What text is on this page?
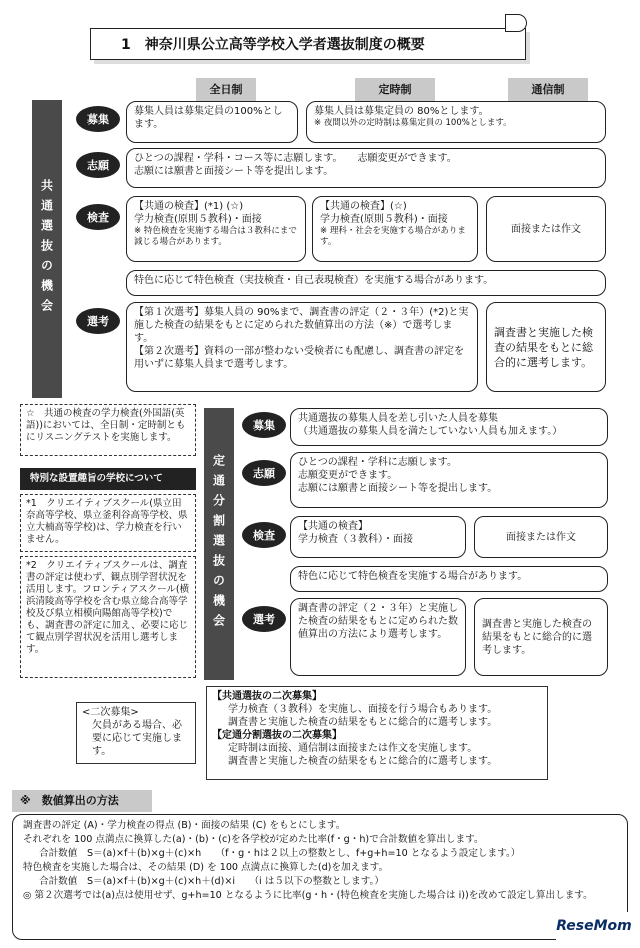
1　神奈川県公立高等学校入学者選抜制度の概要
全日制	定時制	通信制
共通選抜の機会
募集
募集人員は募集定員の100%とします。
募集人員は募集定員の 80%とします。
※ 夜間以外の定時制は募集定員の 100%とします。
志願
ひとつの課程・学科・コース等に志願します。　　志願変更ができます。
志願には願書と面接シート等を提出します。
検査
【共通の検査】(*1) (☆)
学力検査(原則５教科)・面接
※ 特色検査を実施する場合は３教科にまで減じる場合があります。
【共通の検査】(☆)
学力検査(原則５教科)・面接
※ 理科・社会を実施する場合があります。
面接または作文
特色に応じて特色検査（実技検査・自己表現検査）を実施する場合があります。
選考
【第１次選考】募集人員の 90%まで、調査書の評定（２・３年）(*2)と実施した検査の結果をもとに定められた数値算出の方法（※）で選考します。
【第２次選考】資料の一部が整わない受検者にも配慮し、調査書の評定を用いずに募集人員まで選考します。
調査書と実施した検査の結果をもとに総合的に選考します。
☆　共通の検査の学力検査(外国語(英語))においては、全日制・定時制ともにリスニングテストを実施します。
特別な設置趣旨の学校について
*1　クリエイティブスクール(県立田奈高等学校、県立釜利谷高等学校、県立大楠高等学校)は、学力検査を行いません。
*2　クリエイティブスクールは、調査書の評定は使わず、観点別学習状況を活用します。フロンティアスクール(横浜清陵高等学校を含む県立総合高等学校及び県立相模向陽館高等学校)でも、調査書の評定に加え、必要に応じて観点別学習状況を活用し選考します。
<二次募集>
欠員がある場合、必要に応じて実施します。
定通分割選抜の機会
募集
共通選抜の募集人員を差し引いた人員を募集
（共通選抜の募集人員を満たしていない人員も加えます。）
志願
ひとつの課程・学科に志願します。
志願変更ができます。
志願には願書と面接シート等を提出します。
検査
【共通の検査】
学力検査（３教科）・面接	面接または作文
特色に応じて特色検査を実施する場合があります。
選考
調査書の評定（２・３年）と実施した検査の結果をもとに定められた数値算出の方法により選考します。
調査書と実施した検査の結果をもとに総合的に選考します。
【共通選抜の二次募集】
学力検査（３教科）を実施し、面接を行う場合もあります。
調査書と実施した検査の結果をもとに総合的に選考します。
【定通分割選抜の二次募集】
定時制は面接、通信制は面接または作文を実施します。
調査書と実施した検査の結果をもとに総合的に選考します。
※　数値算出の方法
調査書の評定 (A)・学力検査の得点 (B)・面接の結果 (C) をもとにします。
それぞれを 100 点満点に換算した(a)・(b)・(c)を各学校が定めた比率(f・g・h)で合計数値を算出します。
合計数値　S＝(a)×f＋(b)×g＋(c)×h　　（f・g・hは２以上の整数とし、f+g+h=10 となるよう設定します。）
特色検査を実施した場合は、その結果 (D) を 100 点満点に換算した(d)を加えます。
合計数値　S＝(a)×f＋(b)×g＋(c)×h＋(d)×i　　（i は５以下の整数とします。）
◎ 第２次選考では(a)点は使用せず、g+h=10 となるように比率(g・h・(特色検査を実施した場合は i))を改めて設定し算出します。
ReseMom
